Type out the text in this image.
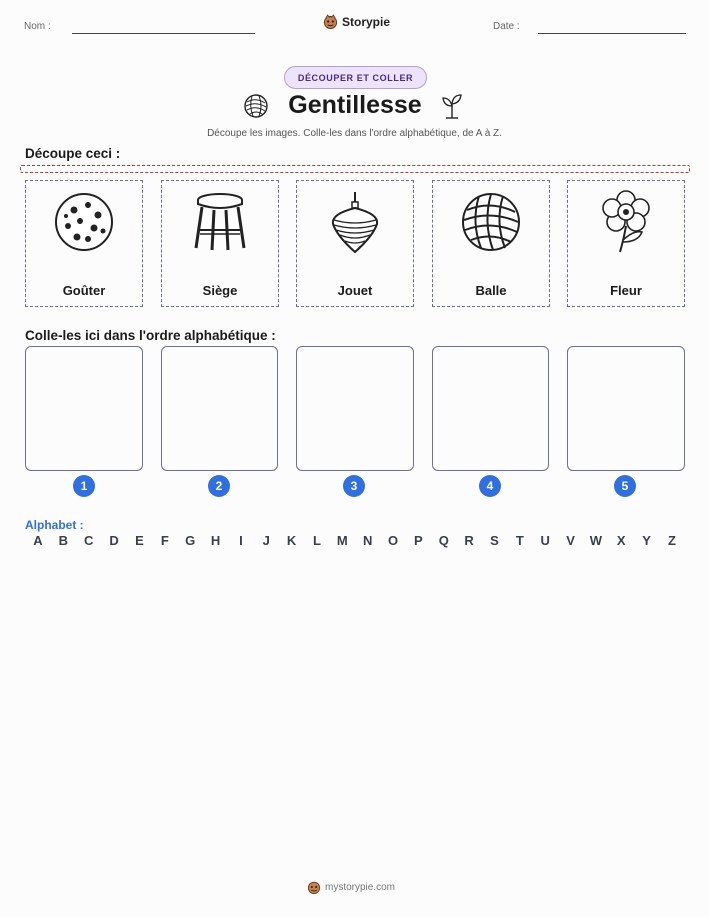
Nom :	Storypie	Date :
DÉCOUPER ET COLLER
Gentillesse
Découpe les images. Colle-les dans l'ordre alphabétique, de A à Z.
Découpe ceci :
Goûter	Siège	Jouet	Balle	Fleur
Colle-les ici dans l'ordre alphabétique :
1	2	3	4	5
Alphabet :
A B C D E F G H	I	J K L M N O P Q R S T U V W X Y Z
mystorypie.com
